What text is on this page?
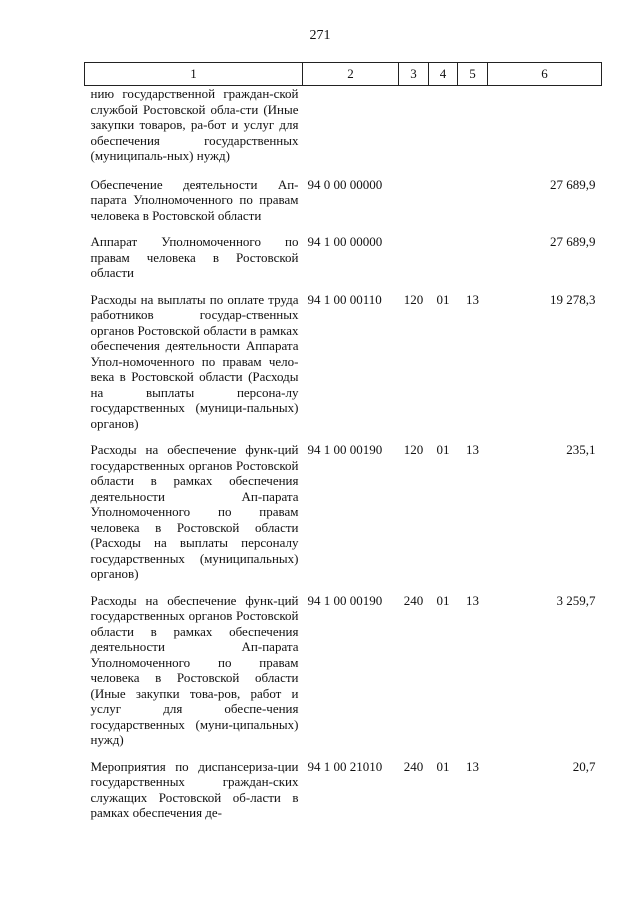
271
1	2	3	4	5	6
нию государственной граждан-ской службой Ростовской обла-сти (Иные закупки товаров, ра-бот и услуг для обеспечения государственных (муниципаль-ных) нужд)					
Обеспечение деятельности Ап-парата Уполномоченного по правам человека в Ростовской области	94 0 00 00000				27 689,9
Аппарат Уполномоченного по правам человека в Ростовской области	94 1 00 00000				27 689,9
Расходы на выплаты по оплате труда работников государ-ственных органов Ростовской области в рамках обеспечения деятельности Аппарата Упол-номоченного по правам чело-века в Ростовской области (Расходы на выплаты персона-лу государственных (муници-пальных) органов)	94 1 00 00110	120	01	13	19 278,3
Расходы на обеспечение функ-ций государственных органов Ростовской области в рамках обеспечения деятельности Ап-парата Уполномоченного по правам человека в Ростовской области (Расходы на выплаты персоналу государственных (муниципальных) органов)	94 1 00 00190	120	01	13	235,1
Расходы на обеспечение функ-ций государственных органов Ростовской области в рамках обеспечения деятельности Ап-парата Уполномоченного по правам человека в Ростовской области (Иные закупки това-ров, работ и услуг для обеспе-чения государственных (муни-ципальных) нужд)	94 1 00 00190	240	01	13	3 259,7
Мероприятия по диспансериза-ции государственных граждан-ских служащих Ростовской об-ласти в рамках обеспечения де-	94 1 00 21010	240	01	13	20,7
